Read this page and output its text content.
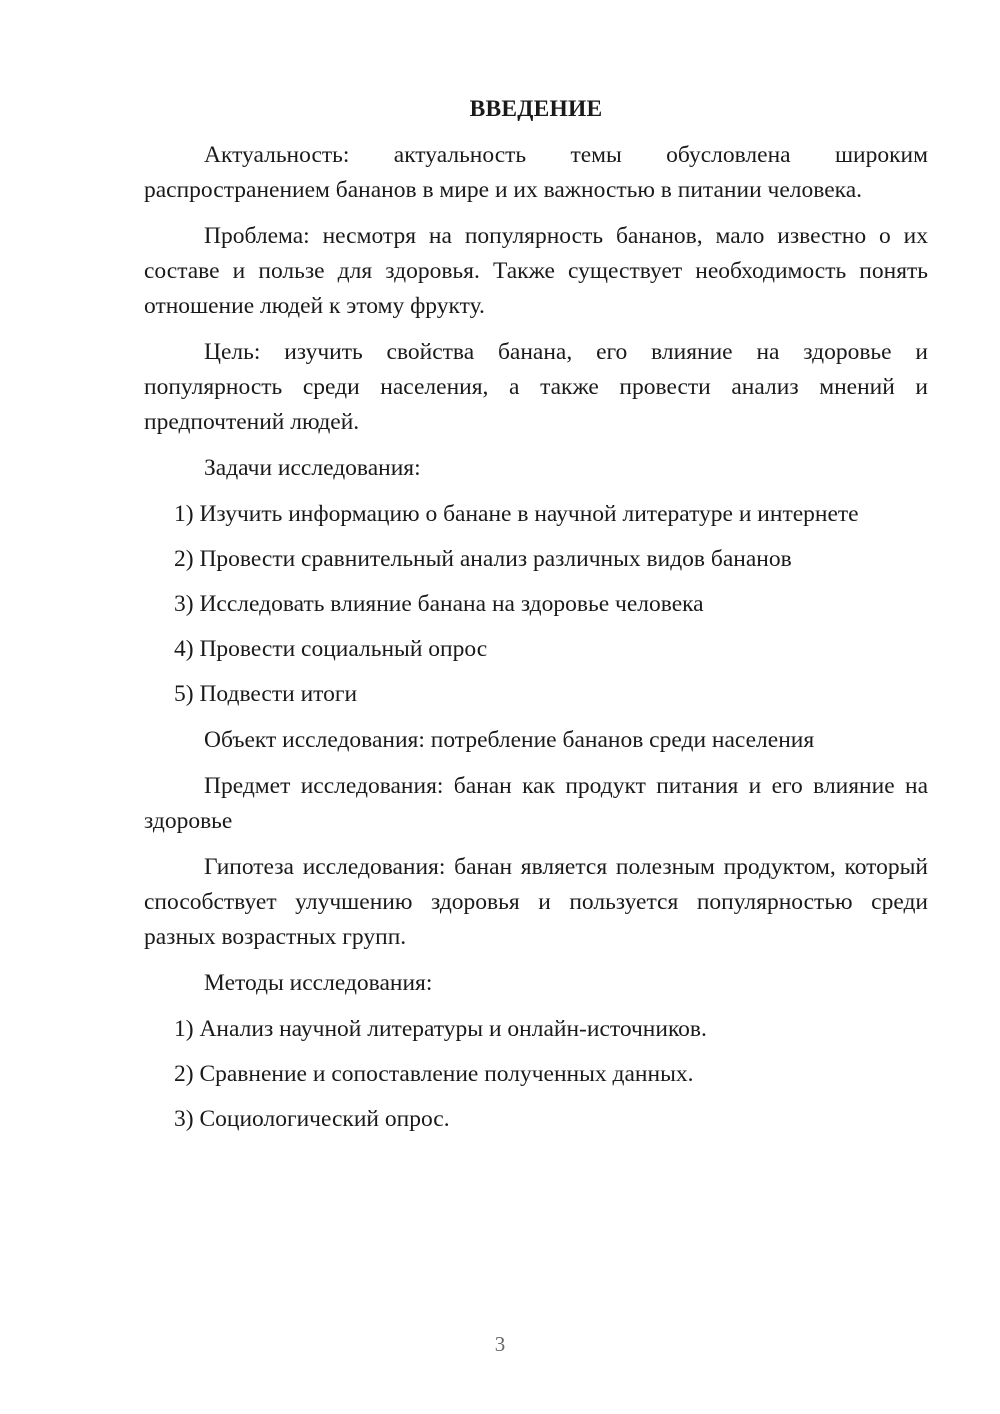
ВВЕДЕНИЕ

Актуальность: актуальность темы обусловлена широким распространением бананов в мире и их важностью в питании человека.

Проблема: несмотря на популярность бананов, мало известно о их составе и пользе для здоровья. Также существует необходимость понять отношение людей к этому фрукту.

Цель: изучить свойства банана, его влияние на здоровье и популярность среди населения, а также провести анализ мнений и предпочтений людей.

Задачи исследования:
1) Изучить информацию о банане в научной литературе и интернете
2) Провести сравнительный анализ различных видов бананов
3) Исследовать влияние банана на здоровье человека
4) Провести социальный опрос
5) Подвести итоги

Объект исследования: потребление бананов среди населения

Предмет исследования: банан как продукт питания и его влияние на здоровье

Гипотеза исследования: банан является полезным продуктом, который способствует улучшению здоровья и пользуется популярностью среди разных возрастных групп.

Методы исследования:
1) Анализ научной литературы и онлайн-источников.
2) Сравнение и сопоставление полученных данных.
3) Социологический опрос.
3
